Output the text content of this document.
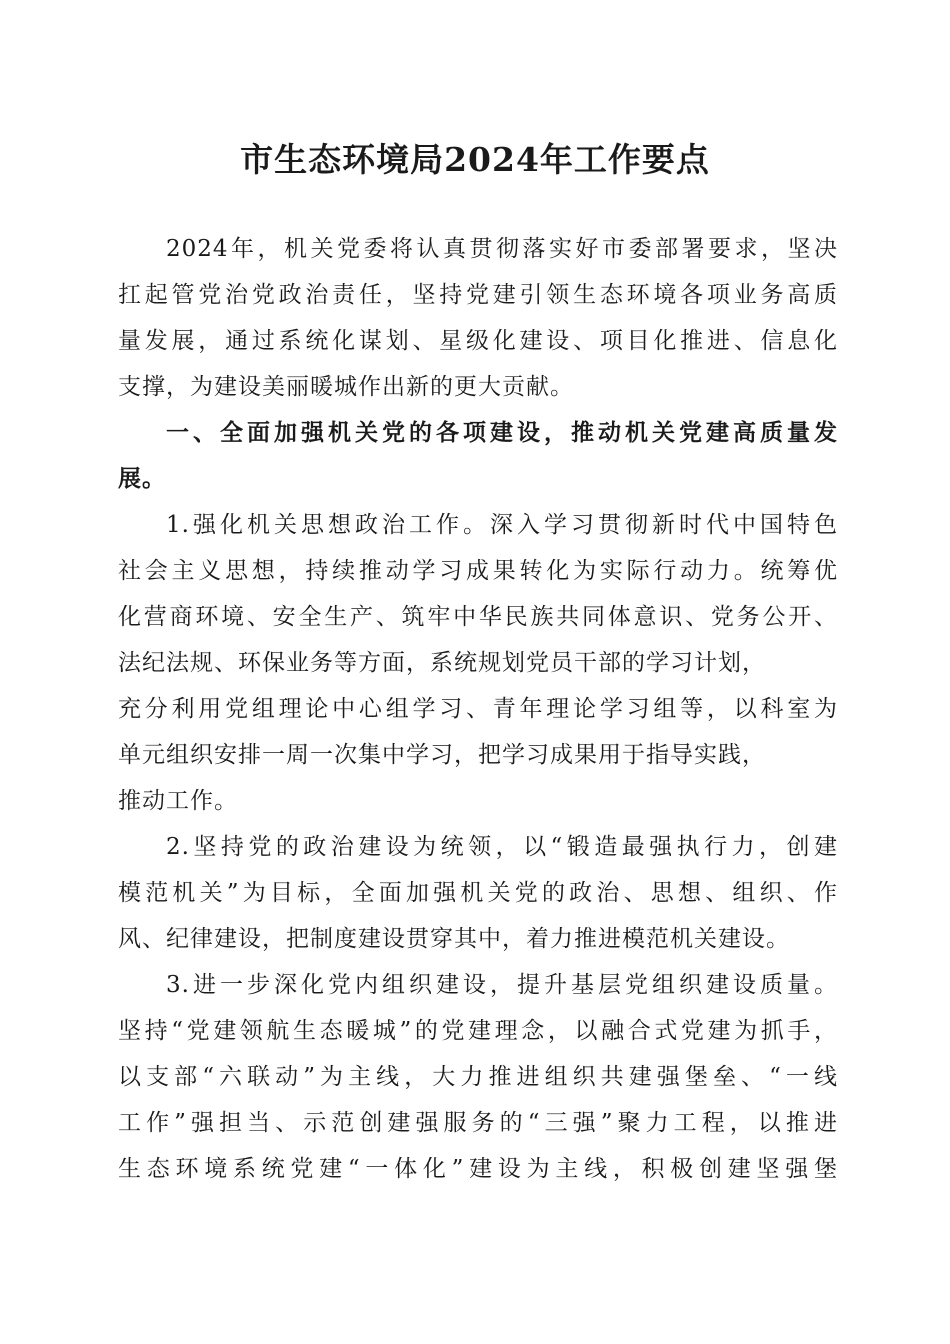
市生态环境局2024年工作要点
2024年，机关党委将认真贯彻落实好市委部署要求，坚决
扛起管党治党政治责任，坚持党建引领生态环境各项业务高质
量发展，通过系统化谋划、星级化建设、项目化推进、信息化
支撑，为建设美丽暖城作出新的更大贡献。
一、全面加强机关党的各项建设，推动机关党建高质量发
展。
1.强化机关思想政治工作。深入学习贯彻新时代中国特色
社会主义思想，持续推动学习成果转化为实际行动力。统筹优
化营商环境、安全生产、筑牢中华民族共同体意识、党务公开、
法纪法规、环保业务等方面，系统规划党员干部的学习计划，
充分利用党组理论中心组学习、青年理论学习组等，以科室为
单元组织安排一周一次集中学习，把学习成果用于指导实践，
推动工作。
2.坚持党的政治建设为统领，以“锻造最强执行力，创建
模范机关”为目标，全面加强机关党的政治、思想、组织、作
风、纪律建设，把制度建设贯穿其中，着力推进模范机关建设。
3.进一步深化党内组织建设，提升基层党组织建设质量。
坚持“党建领航生态暖城”的党建理念，以融合式党建为抓手，
以支部“六联动”为主线，大力推进组织共建强堡垒、“一线
工作”强担当、示范创建强服务的“三强”聚力工程，以推进
生态环境系统党建“一体化”建设为主线，积极创建坚强堡
